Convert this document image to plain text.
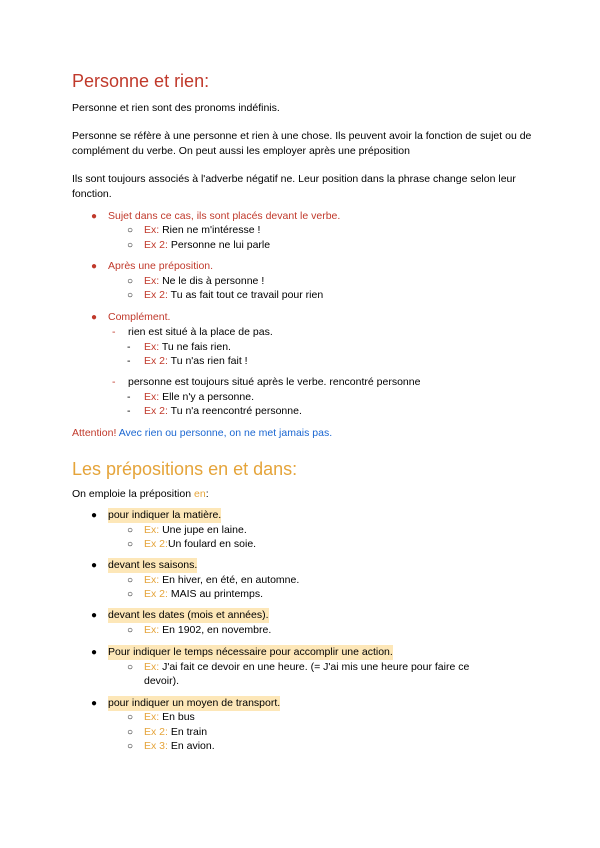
Personne et rien:

Personne et rien sont des pronoms indéfinis.

Personne se réfère à une personne et rien à une chose. Ils peuvent avoir la fonction de sujet ou de complément du verbe. On peut aussi les employer après une préposition

Ils sont toujours associés à l'adverbe négatif ne. Leur position dans la phrase change selon leur fonction.

● Sujet dans ce cas, ils sont placés devant le verbe.
○ Ex: Rien ne m'intéresse !
○ Ex 2: Personne ne lui parle
● Après une préposition.
○ Ex: Ne le dis à personne !
○ Ex 2: Tu as fait tout ce travail pour rien
● Complément.
- rien est situé à la place de pas.
- Ex: Tu ne fais rien.
- Ex 2: Tu n'as rien fait !
- personne est toujours situé après le verbe. rencontré personne
- Ex: Elle n'y a personne.
- Ex 2: Tu n'a reencontré personne.
Attention! Avec rien ou personne, on ne met jamais pas.
Les prépositions en et dans:
On emploie la préposition en:
● pour indiquer la matière.
○ Ex: Une jupe en laine.
○ Ex 2:Un foulard en soie.
● devant les saisons.
○ Ex: En hiver, en été, en automne.
○ Ex 2: MAIS au printemps.
● devant les dates (mois et années).
○ Ex: En 1902, en novembre.
● Pour indiquer le temps nécessaire pour accomplir une action.
○ Ex: J'ai fait ce devoir en une heure. (= J'ai mis une heure pour faire ce
devoir).
● pour indiquer un moyen de transport.
○ Ex: En bus
○ Ex 2: En train
○ Ex 3: En avion.
